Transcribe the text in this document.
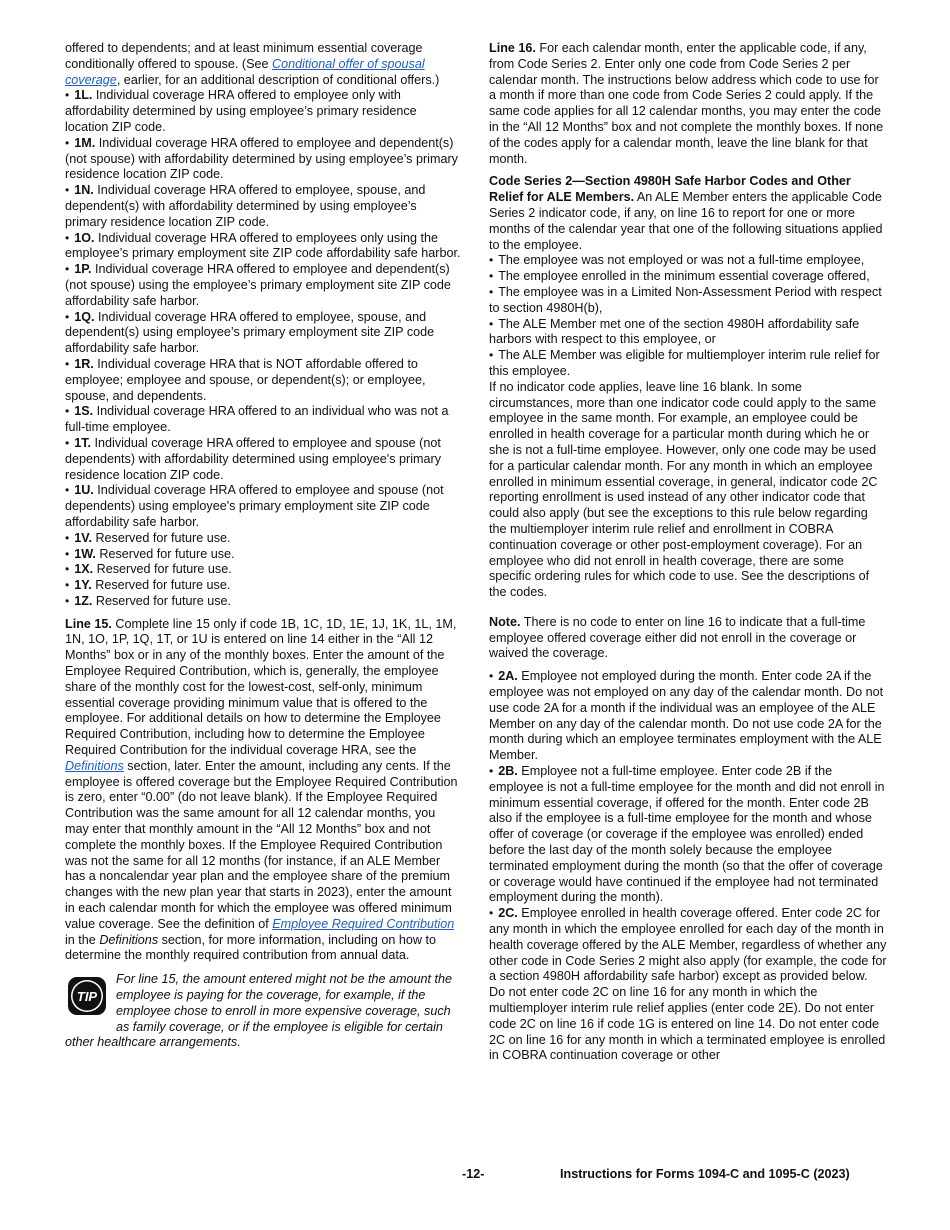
offered to dependents; and at least minimum essential coverage conditionally offered to spouse. (See Conditional offer of spousal coverage, earlier, for an additional description of conditional offers.)

• 1L. Individual coverage HRA offered to employee only with affordability determined by using employee’s primary residence location ZIP code.

• 1M. Individual coverage HRA offered to employee and dependent(s) (not spouse) with affordability determined by using employee’s primary residence location ZIP code.

• 1N. Individual coverage HRA offered to employee, spouse, and dependent(s) with affordability determined by using employee’s primary residence location ZIP code.

• 1O. Individual coverage HRA offered to employees only using the employee’s primary employment site ZIP code affordability safe harbor.

• 1P. Individual coverage HRA offered to employee and dependent(s) (not spouse) using the employee’s primary employment site ZIP code affordability safe harbor.

• 1Q. Individual coverage HRA offered to employee, spouse, and dependent(s) using employee’s primary employment site ZIP code affordability safe harbor.

• 1R. Individual coverage HRA that is NOT affordable offered to employee; employee and spouse, or dependent(s); or employee, spouse, and dependents.

• 1S. Individual coverage HRA offered to an individual who was not a full-time employee.

• 1T. Individual coverage HRA offered to employee and spouse (not dependents) with affordability determined using employee's primary residence location ZIP code.

• 1U. Individual coverage HRA offered to employee and spouse (not dependents) using employee's primary employment site ZIP code affordability safe harbor.

• 1V. Reserved for future use.

• 1W. Reserved for future use.

• 1X. Reserved for future use.

• 1Y. Reserved for future use.

• 1Z. Reserved for future use.

Line 15. Complete line 15 only if code 1B, 1C, 1D, 1E, 1J, 1K, 1L, 1M, 1N, 1O, 1P, 1Q, 1T, or 1U is entered on line 14 either in the “All 12 Months” box or in any of the monthly boxes. Enter the amount of the Employee Required Contribution, which is, generally, the employee share of the monthly cost for the lowest-cost, self-only, minimum essential coverage providing minimum value that is offered to the employee. For additional details on how to determine the Employee Required Contribution, including how to determine the Employee Required Contribution for the individual coverage HRA, see the Definitions section, later. Enter the amount, including any cents. If the employee is offered coverage but the Employee Required Contribution is zero, enter “0.00” (do not leave blank). If the Employee Required Contribution was the same amount for all 12 calendar months, you may enter that monthly amount in the “All 12 Months” box and not complete the monthly boxes. If the Employee Required Contribution was not the same for all 12 months (for instance, if an ALE Member has a noncalendar year plan and the employee share of the premium changes with the new plan year that starts in 2023), enter the amount in each calendar month for which the employee was offered minimum value coverage. See the definition of Employee Required Contribution in the Definitions section, for more information, including on how to determine the monthly required contribution from annual data.

TIP

For line 15, the amount entered might not be the amount the employee is paying for the coverage, for example, if the employee chose to enroll in more expensive coverage, such as family coverage, or if the employee is eligible for certain other healthcare arrangements.

Line 16. For each calendar month, enter the applicable code, if any, from Code Series 2. Enter only one code from Code Series 2 per calendar month. The instructions below address which code to use for a month if more than one code from Code Series 2 could apply. If the same code applies for all 12 calendar months, you may enter the code in the “All 12 Months” box and not complete the monthly boxes. If none of the codes apply for a calendar month, leave the line blank for that month.

Code Series 2—Section 4980H Safe Harbor Codes and Other Relief for ALE Members. An ALE Member enters the applicable Code Series 2 indicator code, if any, on line 16 to report for one or more months of the calendar year that one of the following situations applied to the employee.

• The employee was not employed or was not a full-time employee,

• The employee enrolled in the minimum essential coverage offered,

• The employee was in a Limited Non-Assessment Period with respect to section 4980H(b),

• The ALE Member met one of the section 4980H affordability safe harbors with respect to this employee, or

• The ALE Member was eligible for multiemployer interim rule relief for this employee.

If no indicator code applies, leave line 16 blank. In some circumstances, more than one indicator code could apply to the same employee in the same month. For example, an employee could be enrolled in health coverage for a particular month during which he or she is not a full-time employee. However, only one code may be used for a particular calendar month. For any month in which an employee enrolled in minimum essential coverage, in general, indicator code 2C reporting enrollment is used instead of any other indicator code that could also apply (but see the exceptions to this rule below regarding the multiemployer interim rule relief and enrollment in COBRA continuation coverage or other post-employment coverage). For an employee who did not enroll in health coverage, there are some specific ordering rules for which code to use. See the descriptions of the codes.

Note. There is no code to enter on line 16 to indicate that a full-time employee offered coverage either did not enroll in the coverage or waived the coverage.

• 2A. Employee not employed during the month. Enter code 2A if the employee was not employed on any day of the calendar month. Do not use code 2A for a month if the individual was an employee of the ALE Member on any day of the calendar month. Do not use code 2A for the month during which an employee terminates employment with the ALE Member.

• 2B. Employee not a full-time employee. Enter code 2B if the employee is not a full-time employee for the month and did not enroll in minimum essential coverage, if offered for the month. Enter code 2B also if the employee is a full-time employee for the month and whose offer of coverage (or coverage if the employee was enrolled) ended before the last day of the month solely because the employee terminated employment during the month (so that the offer of coverage or coverage would have continued if the employee had not terminated employment during the month).

• 2C. Employee enrolled in health coverage offered. Enter code 2C for any month in which the employee enrolled for each day of the month in health coverage offered by the ALE Member, regardless of whether any other code in Code Series 2 might also apply (for example, the code for a section 4980H affordability safe harbor) except as provided below. Do not enter code 2C on line 16 for any month in which the multiemployer interim rule relief applies (enter code 2E). Do not enter code 2C on line 16 if code 1G is entered on line 14. Do not enter code 2C on line 16 for any month in which a terminated employee is enrolled in COBRA continuation coverage or other

-12-	Instructions for Forms 1094-C and 1095-C (2023)
